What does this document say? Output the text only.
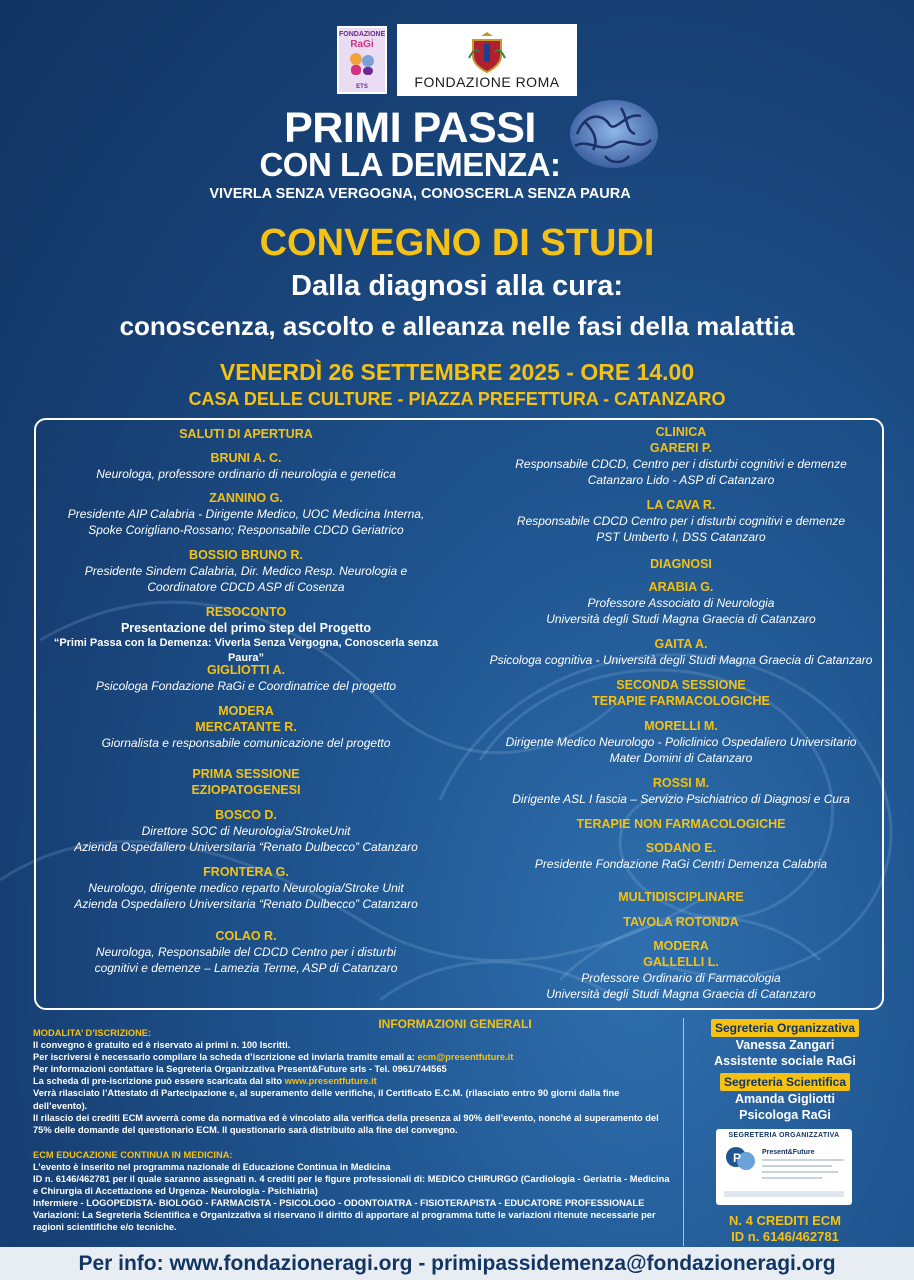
FONDAZIONE
RaGi
ETS	FONDAZIONE ROMA
PRIMI PASSI
CON LA DEMENZA:
VIVERLA SENZA VERGOGNA, CONOSCERLA SENZA PAURA
CONVEGNO DI STUDI
Dalla diagnosi alla cura:
conoscenza, ascolto e alleanza nelle fasi della malattia
VENERDÌ 26 SETTEMBRE 2025 - ORE 14.00
CASA DELLE CULTURE - PIAZZA PREFETTURA - CATANZARO
SALUTI DI APERTURA
BRUNI A. C.
Neurologa, professore ordinario di neurologia e genetica
ZANNINO G.
Presidente AIP Calabria - Dirigente Medico, UOC Medicina Interna,
Spoke Corigliano-Rossano; Responsabile CDCD Geriatrico
BOSSIO BRUNO R.
Presidente Sindem Calabria, Dir. Medico Resp. Neurologia e
Coordinatore CDCD ASP di Cosenza
RESOCONTO
Presentazione del primo step del Progetto
“Primi Passa con la Demenza: Viverla Senza Vergogna, Conoscerla senza Paura”
GIGLIOTTI A.
Psicologa Fondazione RaGi e Coordinatrice del progetto
MODERA
MERCATANTE R.
Giornalista e responsabile comunicazione del progetto
PRIMA SESSIONE
EZIOPATOGENESI
BOSCO D.
Direttore SOC di Neurologia/StrokeUnit
Azienda Ospedaliero Universitaria “Renato Dulbecco” Catanzaro
FRONTERA G.
Neurologo, dirigente medico reparto Neurologia/Stroke Unit
Azienda Ospedaliero Universitaria “Renato Dulbecco” Catanzaro
COLAO R.
Neurologa, Responsabile del CDCD Centro per i disturbi
cognitivi e demenze – Lamezia Terme, ASP di Catanzaro
CLINICA
GARERI P.
Responsabile CDCD, Centro per i disturbi cognitivi e demenze
Catanzaro Lido - ASP di Catanzaro
LA CAVA R.
Responsabile CDCD Centro per i disturbi cognitivi e demenze
PST Umberto I, DSS Catanzaro
DIAGNOSI
ARABIA G.
Professore Associato di Neurologia
Università degli Studi Magna Graecia di Catanzaro
GAITA A.
Psicologa cognitiva - Università degli Studi Magna Graecia di Catanzaro
SECONDA SESSIONE
TERAPIE FARMACOLOGICHE
MORELLI M.
Dirigente Medico Neurologo - Policlinico Ospedaliero Universitario
Mater Domini di Catanzaro
ROSSI M.
Dirigente ASL I fascia – Servizio Psichiatrico di Diagnosi e Cura
TERAPIE NON FARMACOLOGICHE
SODANO E.
Presidente Fondazione RaGi Centri Demenza Calabria
MULTIDISCIPLINARE
TAVOLA ROTONDA
MODERA
GALLELLI L.
Professore Ordinario di Farmacologia
Università degli Studi Magna Graecia di Catanzaro
INFORMAZIONI GENERALI
MODALITA’ D’ISCRIZIONE:
Il convegno è gratuito ed è riservato ai primi n. 100 Iscritti.
Per iscriversi è necessario compilare la scheda d’iscrizione ed inviarla tramite email a: ecm@presentfuture.it
Per informazioni contattare la Segreteria Organizzativa Present&Future srls - Tel. 0961/744565
La scheda di pre-iscrizione può essere scaricata dal sito www.presentfuture.it
Verrà rilasciato l’Attestato di Partecipazione e, al superamento delle verifiche, il Certificato E.C.M. (rilasciato entro 90 giorni dalla fine dell’evento).
Il rilascio dei crediti ECM avverrà come da normativa ed è vincolato alla verifica della presenza al 90% dell’evento, nonché al superamento del 75% delle domande del questionario ECM. Il questionario sarà distribuito alla fine del convegno.
ECM EDUCAZIONE CONTINUA IN MEDICINA:
L’evento è inserito nel programma nazionale di Educazione Continua in Medicina
ID n. 6146/462781 per il quale saranno assegnati n. 4 crediti per le figure professionali di: MEDICO CHIRURGO (Cardiologia - Geriatria - Medicina e Chirurgia di Accettazione ed Urgenza- Neurologia - Psichiatria)
Infermiere - LOGOPEDISTA- BIOLOGO - FARMACISTA - PSICOLOGO - ODONTOIATRA - FISIOTERAPISTA - EDUCATORE PROFESSIONALE
Variazioni: La Segreteria Scientifica e Organizzativa si riservano il diritto di apportare al programma tutte le variazioni ritenute necessarie per ragioni scientifiche e/o tecniche.
Segreteria Organizzativa
Vanessa Zangari
Assistente sociale RaGi
Segreteria Scientifica
Amanda Gigliotti
Psicologa RaGi
SEGRETERIA ORGANIZZATIVA
P	Present&Future
N. 4 CREDITI ECM
ID n. 6146/462781
Per info: www.fondazioneragi.org - primipassidemenza@fondazioneragi.org
